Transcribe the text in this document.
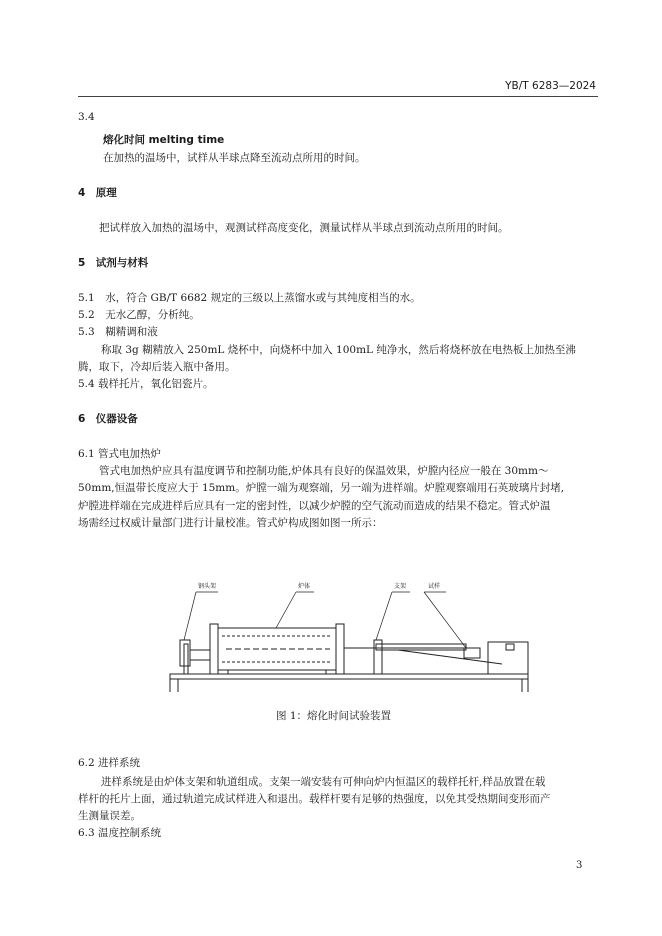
YB/T 6283—2024
3.4
熔化时间 melting time
在加热的温场中，试样从半球点降至流动点所用的时间。
4　原理
把试样放入加热的温场中，观测试样高度变化，测量试样从半球点到流动点所用的时间。
5　试剂与材料
5.1　水，符合 GB/T 6682 规定的三级以上蒸馏水或与其纯度相当的水。
5.2　无水乙醇，分析纯。
5.3　糊精调和液
称取 3g 糊精放入 250mL 烧杯中，向烧杯中加入 100mL 纯净水，然后将烧杯放在电热板上加热至沸
腾，取下，冷却后装入瓶中备用。
5.4 载样托片，氧化铝瓷片。
6　仪器设备
6.1 管式电加热炉
管式电加热炉应具有温度调节和控制功能,炉体具有良好的保温效果，炉膛内径应一般在 30mm～
50mm,恒温带长度应大于 15mm。炉膛一端为观察端，另一端为进样端。炉膛观察端用石英玻璃片封堵,
炉膛进样端在完成进样后应具有一定的密封性，以减少炉膛的空气流动而造成的结果不稳定。管式炉温
场需经过权威计量部门进行计量校准。管式炉构成图如图一所示：
钢头架	炉体	支架	试样
图 1：熔化时间试验装置
6.2 进样系统
进样系统是由炉体支架和轨道组成。支架一端安装有可伸向炉内恒温区的载样托杆,样品放置在载
样杆的托片上面，通过轨道完成试样进入和退出。载样杆要有足够的热强度，以免其受热期间变形而产
生测量误差。
6.3 温度控制系统
3
